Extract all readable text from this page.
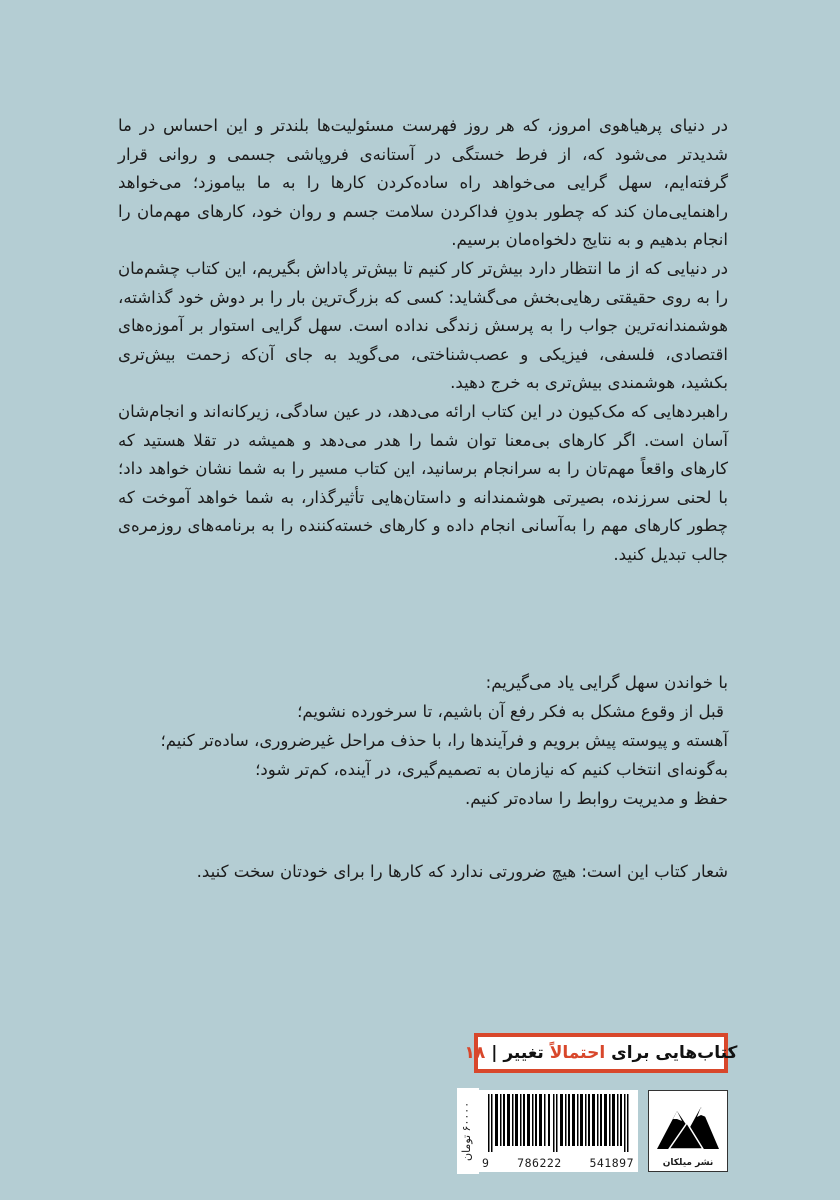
در دنیای پرهیاهوی امروز، که هر روز فهرست مسئولیت‌ها بلندتر و این احساس در ما شدیدتر می‌شود که، از فرط خستگی در آستانه‌ی فروپاشی جسمی و روانی قرار گرفته‌ایم، سهل گرایی می‌خواهد راه ساده‌کردن کارها را به ما بیاموزد؛ می‌خواهد راهنمایی‌مان کند که چطور بدونِ فداکردن سلامت جسم و روان خود، کارهای مهم‌مان را انجام بدهیم و به نتایج دلخواه‌مان برسیم.

در دنیایی که از ما انتظار دارد بیش‌تر کار کنیم تا بیش‌تر پاداش بگیریم، این کتاب چشم‌مان را به روی حقیقتی رهایی‌بخش می‌گشاید: کسی که بزرگ‌ترین بار را بر دوش خود گذاشته، هوشمندانه‌ترین جواب را به پرسش زندگی نداده است. سهل گرایی استوار بر آموزه‌های اقتصادی، فلسفی، فیزیکی و عصب‌شناختی، می‌گوید به جای آن‌که زحمت بیش‌تری بکشید، هوشمندی بیش‌تری به خرج دهید.

راهبردهایی که مک‌کیون در این کتاب ارائه می‌دهد، در عین سادگی، زیرکانه‌اند و انجام‌شان آسان است. اگر کارهای بی‌معنا توان شما را هدر می‌دهد و همیشه در تقلا هستید که کارهای واقعاً مهم‌تان را به سرانجام برسانید، این کتاب مسیر را به شما نشان خواهد داد؛ با لحنی سرزنده، بصیرتی هوشمندانه و داستان‌هایی تأثیرگذار، به شما خواهد آموخت که چطور کارهای مهم را به‌آسانی انجام داده و کارهای خسته‌کننده را به برنامه‌های روزمره‌ی جالب تبدیل کنید.

با خواندن سهل گرایی یاد می‌گیریم:
قبل از وقوع مشکل به فکر رفع آن باشیم، تا سرخورده نشویم؛
آهسته و پیوسته پیش برویم و فرآیندها را، با حذف مراحل غیرضروری، ساده‌تر کنیم؛
به‌گونه‌ای انتخاب کنیم که نیازمان به تصمیم‌گیری، در آینده، کم‌تر شود؛
حفظ و مدیریت روابط را ساده‌تر کنیم.
شعار کتاب این است: هیچ ضرورتی ندارد که کارها را برای خودتان سخت کنید.
کتاب‌هایی برای

احتمالاً

تغییر |

۱۸
۶۰۰۰۰ تومان
9 786222 541897	نشر میلکان
